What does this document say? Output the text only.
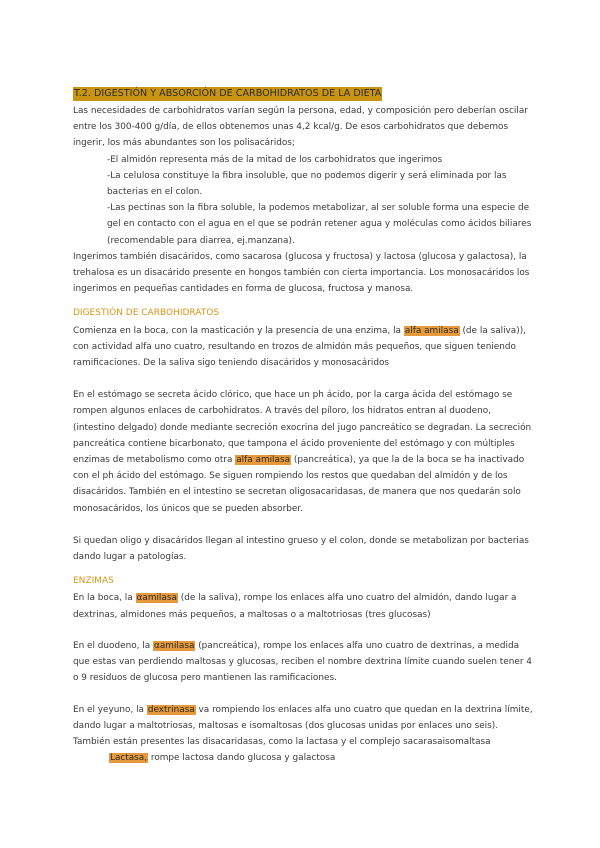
T.2. DIGESTIÓN Y ABSORCIÓN DE CARBOHIDRATOS DE LA DIETA

Las necesidades de carbohidratos varían según la persona, edad, y composición pero deberían oscilar entre los 300-400 g/día, de ellos obtenemos unas 4,2 kcal/g. De esos carbohidratos que debemos ingerir, los más abundantes son los polisacáridos;

-El almidón representa más de la mitad de los carbohidratos que ingerimos

-La celulosa constituye la fibra insoluble, que no podemos digerir y será eliminada por las bacterias en el colon.

-Las pectinas son la fibra soluble, la podemos metabolizar, al ser soluble forma una especie de gel en contacto con el agua en el que se podrán retener agua y moléculas como ácidos biliares (recomendable para diarrea, ej.manzana).

Ingerimos también disacáridos, como sacarosa (glucosa y fructosa) y lactosa (glucosa y galactosa), la trehalosa es un disacárido presente en hongos también con cierta importancia. Los monosacáridos los ingerimos en pequeñas cantidades en forma de glucosa, fructosa y manosa.

DIGESTIÓN DE CARBOHIDRATOS

Comienza en la boca, con la masticación y la presencia de una enzima, la alfa amilasa (de la saliva)), con actividad alfa uno cuatro, resultando en trozos de almidón más pequeños, que siguen teniendo ramificaciones. De la saliva sigo teniendo disacáridos y monosacáridos

En el estómago se secreta ácido clórico, que hace un ph ácido, por la carga ácida del estómago se rompen algunos enlaces de carbohidratos. A través del píloro, los hidratos entran al duodeno, (intestino delgado) donde mediante secreción exocrina del jugo pancreático se degradan. La secreción pancreática contiene bicarbonato, que tampona el ácido proveniente del estómago y con múltiples enzimas de metabolismo como otra alfa amilasa (pancreática), ya que la de la boca se ha inactivado con el ph ácido del estómago. Se siguen rompiendo los restos que quedaban del almidón y de los disacáridos. También en el intestino se secretan oligosacaridasas, de manera que nos quedarán solo monosacáridos, los únicos que se pueden absorber.

Si quedan oligo y disacáridos llegan al intestino grueso y el colon, donde se metabolizan por bacterias dando lugar a patologías.

ENZIMAS

En la boca, la αamilasa (de la saliva), rompe los enlaces alfa uno cuatro del almidón, dando lugar a dextrinas, almidones más pequeños, a maltosas o a maltotriosas (tres glucosas)

En el duodeno, la αamilasa (pancreática), rompe los enlaces alfa uno cuatro de dextrinas, a medida que estas van perdiendo maltosas y glucosas, reciben el nombre dextrina límite cuando suelen tener 4 o 9 residuos de glucosa pero mantienen las ramificaciones.

En el yeyuno, la dextrinasa va rompiendo los enlaces alfa uno cuatro que quedan en la dextrina límite, dando lugar a maltotriosas, maltosas e isomaltosas (dos glucosas unidas por enlaces uno seis). También están presentes las disacaridasas, como la lactasa y el complejo sacarasaisomaltasa

Lactasa, rompe lactosa dando glucosa y galactosa
